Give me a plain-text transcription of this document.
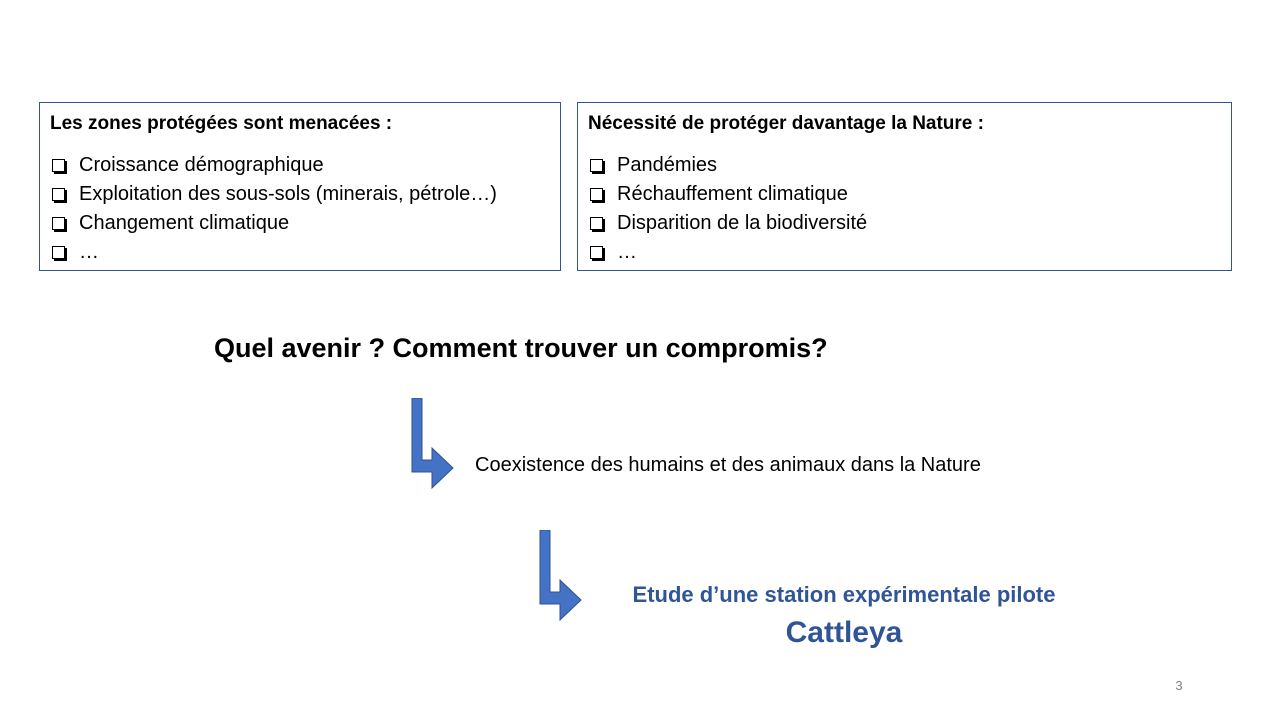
Les zones protégées sont menacées :
Croissance démographique
Exploitation des sous-sols (minerais, pétrole…)
Changement climatique
…
Nécessité de protéger davantage la Nature :
Pandémies
Réchauffement climatique
Disparition de la biodiversité
…
Quel avenir ? Comment trouver un compromis?
Coexistence des humains et des animaux dans la Nature
Etude d’une station expérimentale pilote
Cattleya
3
